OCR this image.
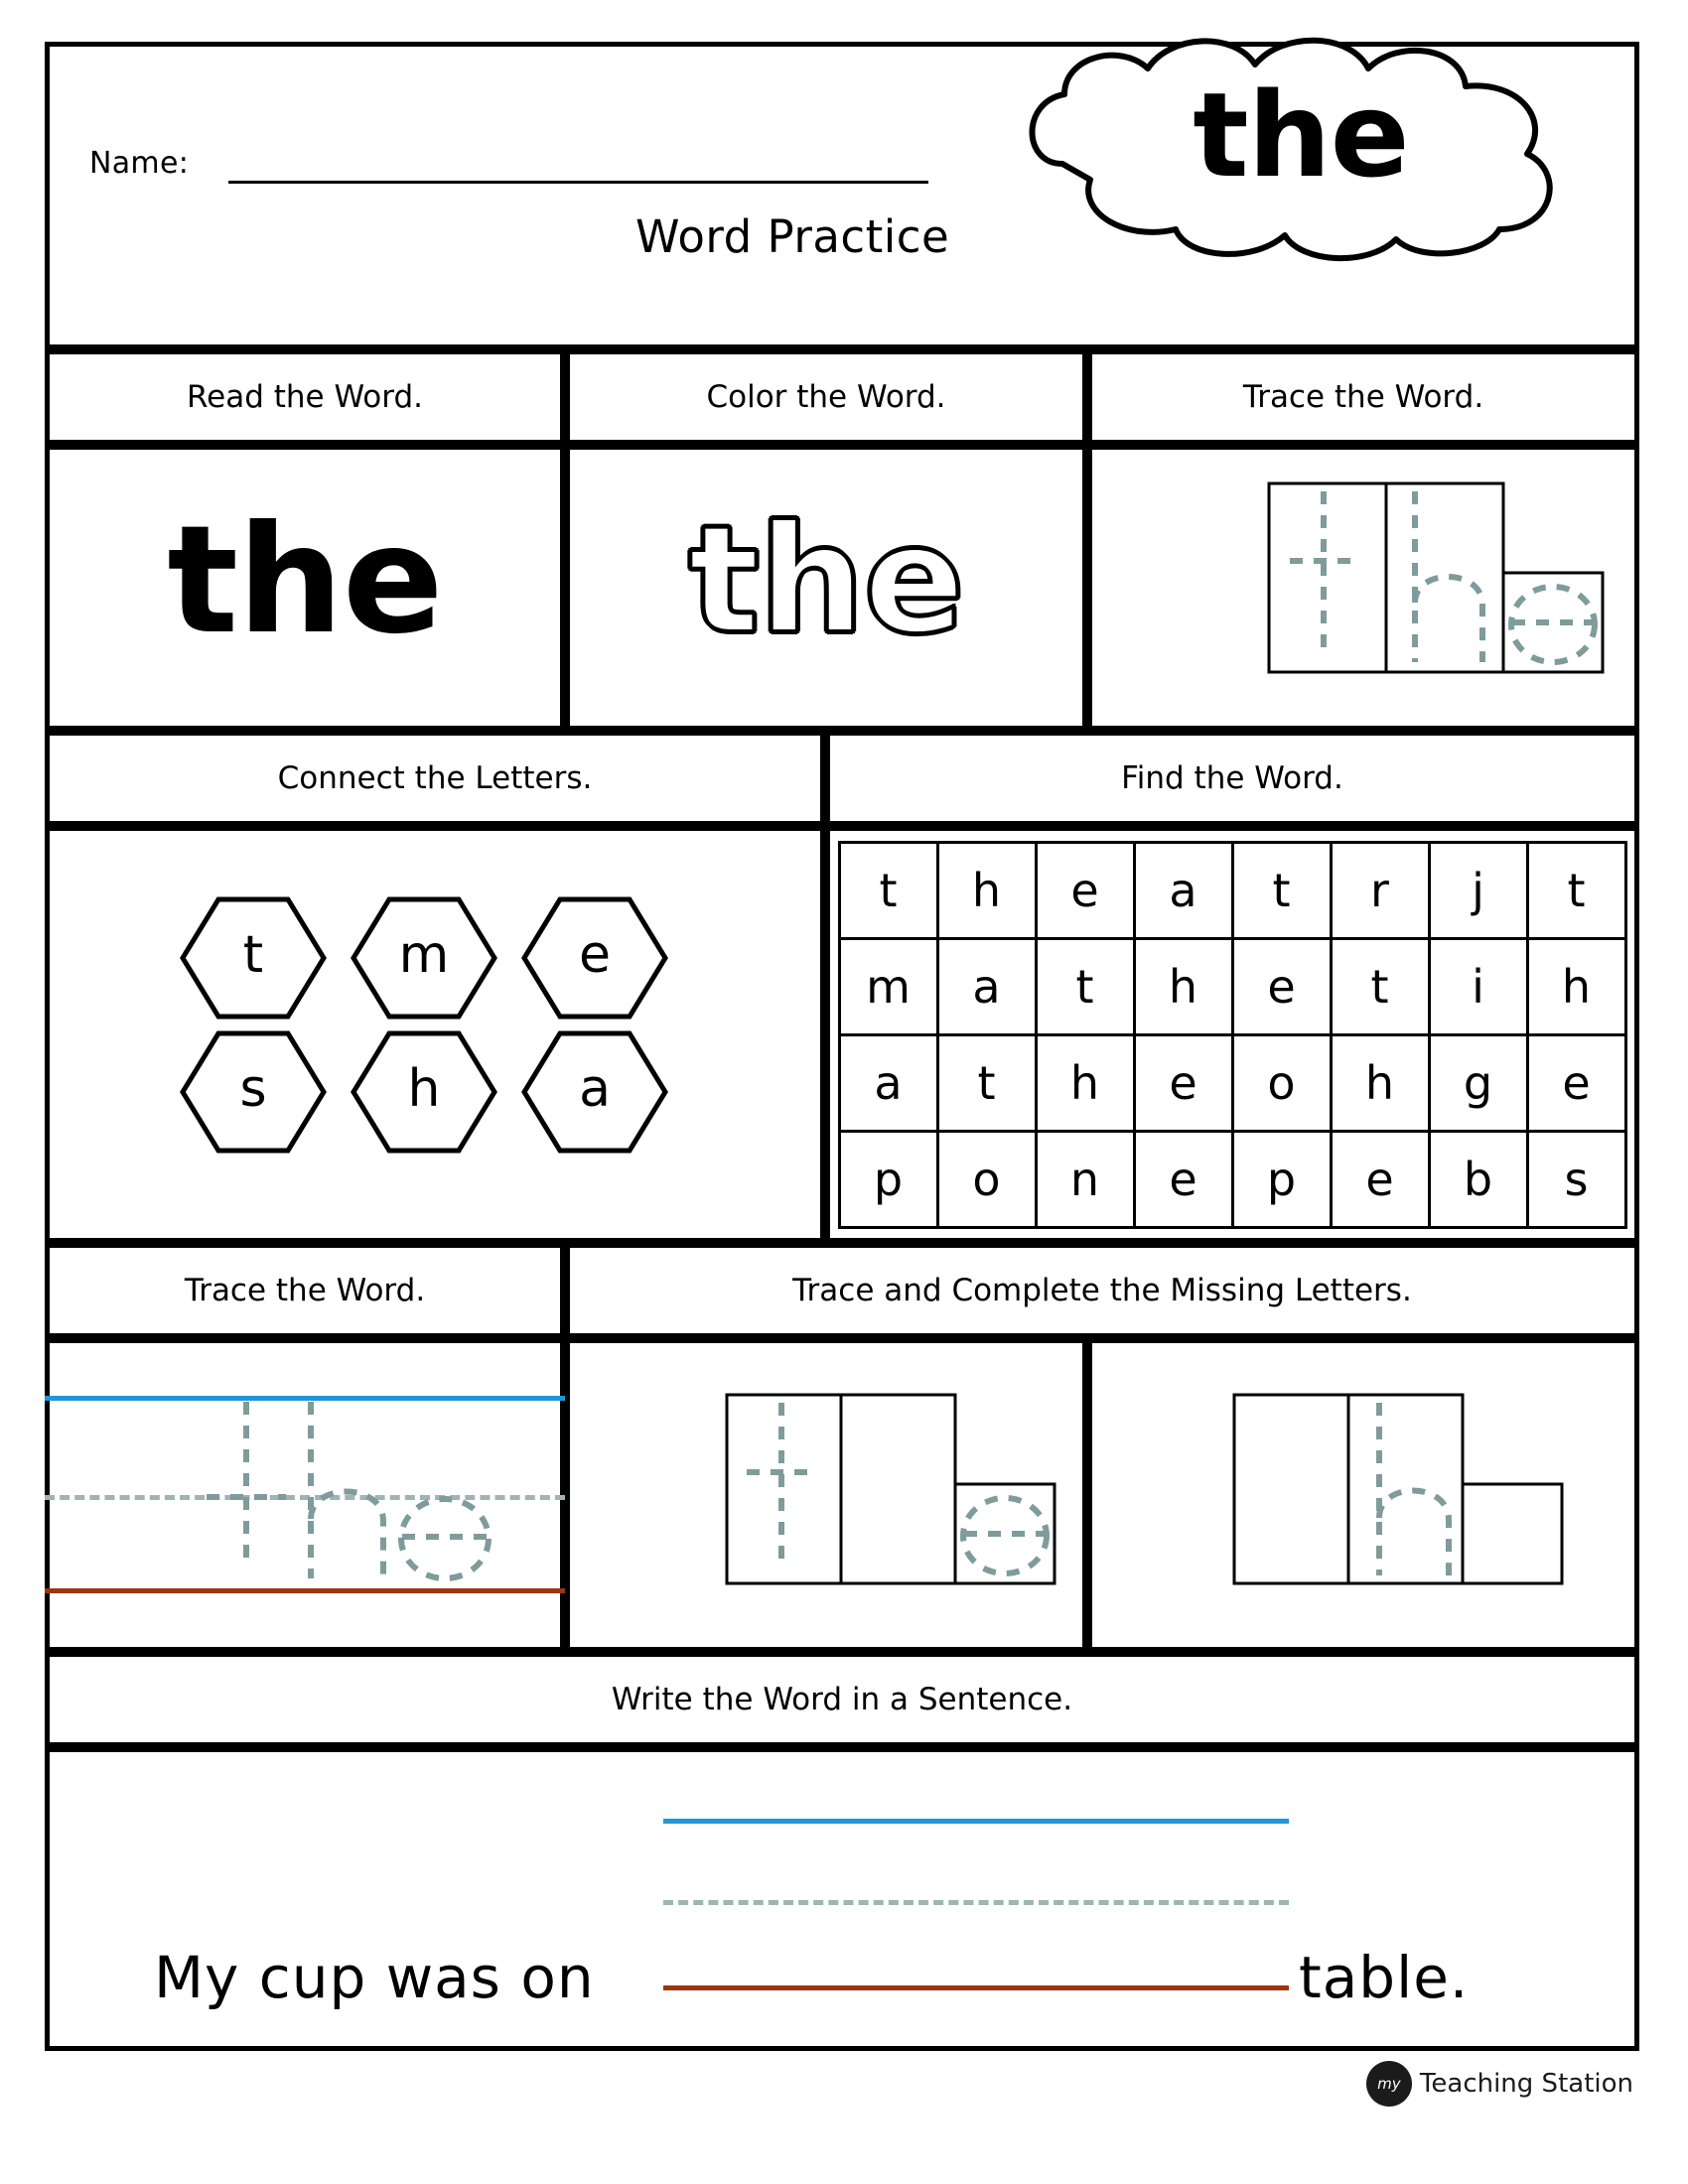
Name:
Word Practice
the
Read the Word.
the
Color the Word.
the
Trace the Word.
Connect the Letters.
t	m	e
s	h	a
Find the Word.
t	h	e	a	t	r	j	t
m	a	t	h	e	t	i	h
a	t	h	e	o	h	g	e
p	o	n	e	p	e	b	s
Trace the Word.	Trace and Complete the Missing Letters.
Write the Word in a Sentence.
My cup was on	table.
my Teaching Station
